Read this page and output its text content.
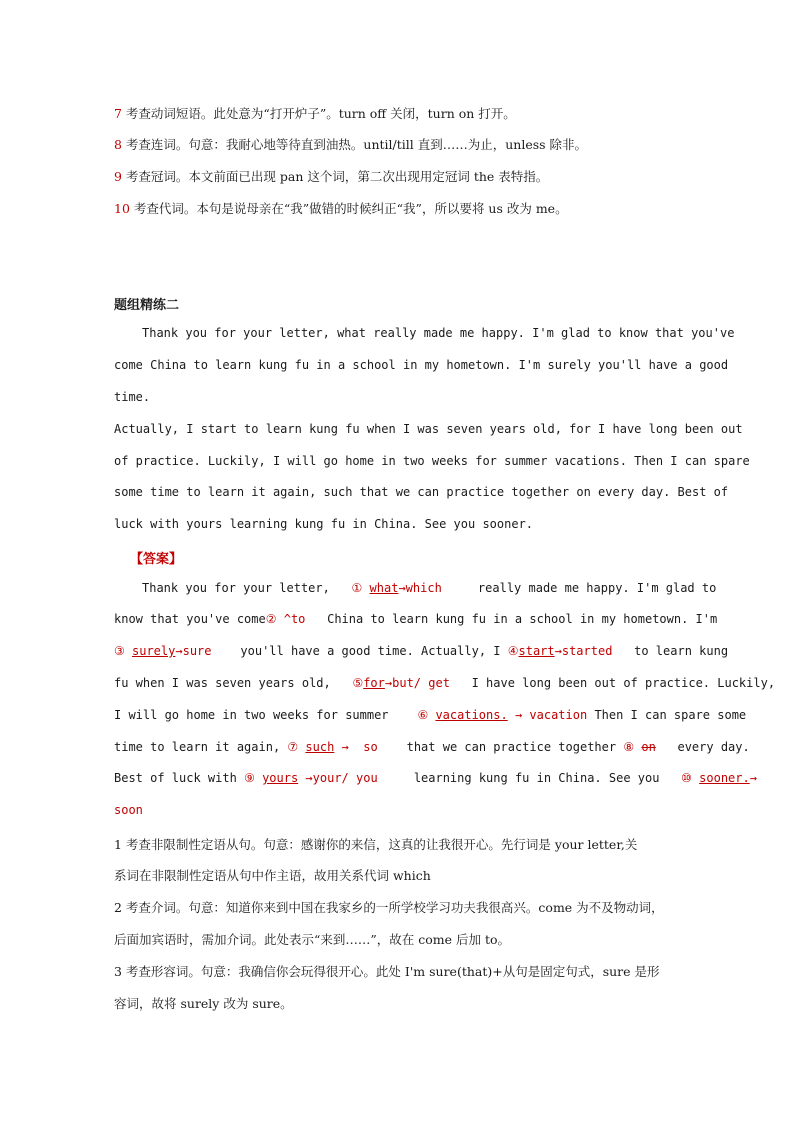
7 考查动词短语。此处意为“打开炉子”。turn off 关闭，turn on 打开。
8 考查连词。句意：我耐心地等待直到油热。until/till 直到……为止，unless 除非。
9 考查冠词。本文前面已出现 pan 这个词，第二次出现用定冠词 the 表特指。
10 考查代词。本句是说母亲在“我”做错的时候纠正“我”，所以要将 us 改为 me。
题组精练二
Thank you for your letter, what really made me happy. I'm glad to know that you've
come China to learn kung fu in a school in my hometown. I'm surely you'll have a good
time.
Actually, I start to learn kung fu when I was seven years old, for I have long been out
of practice. Luckily, I will go home in two weeks for summer vacations. Then I can spare
some time to learn it again, such that we can practice together on every day. Best of
luck with yours learning kung fu in China. See you sooner.
【答案】
Thank you for your letter, ① what→which	really made me happy. I'm glad to
know that you've come② ^to China to learn kung fu in a school in my hometown. I'm
③ surely→sure you'll have a good time. Actually, I ④start→started to learn kung
fu when I was seven years old, ⑤for→but/ get I have long been out of practice. Luckily,
I will go home in two weeks for summer ⑥ vacations. → vacation Then I can spare some
time to learn it again, ⑦ such → so that we can practice together ⑧ on every day.
Best of luck with ⑨ yours →your/ you	learning kung fu in China. See you ⑩ sooner.→
soon
1 考查非限制性定语从句。句意：感谢你的来信，这真的让我很开心。先行词是 your letter,关
系词在非限制性定语从句中作主语，故用关系代词 which
2 考查介词。句意：知道你来到中国在我家乡的一所学校学习功夫我很高兴。come 为不及物动词，
后面加宾语时，需加介词。此处表示“来到……”，故在 come 后加 to。
3 考查形容词。句意：我确信你会玩得很开心。此处 I'm sure(that)+从句是固定句式，sure 是形
容词，故将 surely 改为 sure。
